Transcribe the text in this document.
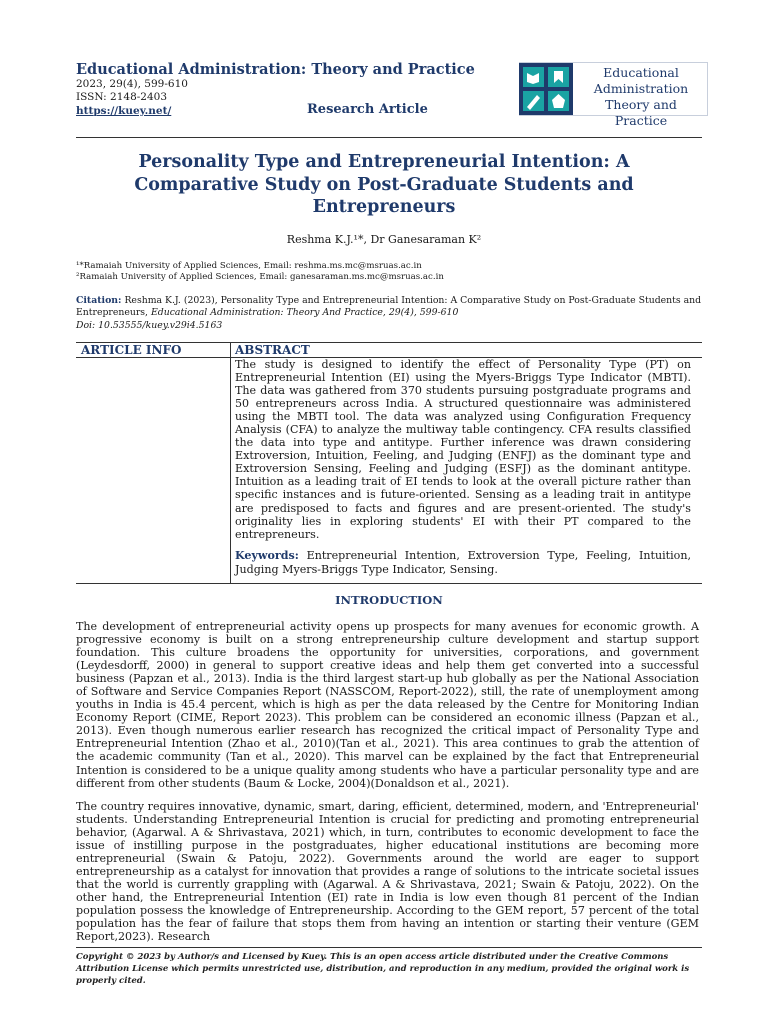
Educational Administration: Theory and Practice
2023, 29(4), 599-610
ISSN: 2148-2403
https://kuey.net/	Research Article
Educational
Administration
Theory and Practice
Personality Type and Entrepreneurial Intention: A Comparative Study on Post-Graduate Students and Entrepreneurs
Reshma K.J.¹*, Dr Ganesaraman K²
¹*Ramaiah University of Applied Sciences, Email: reshma.ms.mc@msruas.ac.in
²Ramaiah University of Applied Sciences, Email: ganesaraman.ms.mc@msruas.ac.in
Citation: Reshma K.J. (2023), Personality Type and Entrepreneurial Intention: A Comparative Study on Post-Graduate Students and Entrepreneurs, Educational Administration: Theory And Practice, 29(4), 599-610
Doi: 10.53555/kuey.v29i4.5163
ARTICLE INFO	ABSTRACT
The study is designed to identify the effect of Personality Type (PT) on Entrepreneurial Intention (EI) using the Myers-Briggs Type Indicator (MBTI). The data was gathered from 370 students pursuing postgraduate programs and 50 entrepreneurs across India. A structured questionnaire was administered using the MBTI tool. The data was analyzed using Configuration Frequency Analysis (CFA) to analyze the multiway table contingency. CFA results classified the data into type and antitype. Further inference was drawn considering Extroversion, Intuition, Feeling, and Judging (ENFJ) as the dominant type and Extroversion Sensing, Feeling and Judging (ESFJ) as the dominant antitype. Intuition as a leading trait of EI tends to look at the overall picture rather than specific instances and is future-oriented. Sensing as a leading trait in antitype are predisposed to facts and figures and are present-oriented. The study's originality lies in exploring students' EI with their PT compared to the entrepreneurs.
Keywords: Entrepreneurial Intention, Extroversion Type, Feeling, Intuition, Judging Myers-Briggs Type Indicator, Sensing.
INTRODUCTION

The development of entrepreneurial activity opens up prospects for many avenues for economic growth. A progressive economy is built on a strong entrepreneurship culture development and startup support foundation. This culture broadens the opportunity for universities, corporations, and government (Leydesdorff, 2000) in general to support creative ideas and help them get converted into a successful business (Papzan et al., 2013). India is the third largest start-up hub globally as per the National Association of Software and Service Companies Report (NASSCOM, Report-2022), still, the rate of unemployment among youths in India is 45.4 percent, which is high as per the data released by the Centre for Monitoring Indian Economy Report (CIME, Report 2023). This problem can be considered an economic illness (Papzan et al., 2013). Even though numerous earlier research has recognized the critical impact of Personality Type and Entrepreneurial Intention (Zhao et al., 2010)(Tan et al., 2021). This area continues to grab the attention of the academic community (Tan et al., 2020). This marvel can be explained by the fact that Entrepreneurial Intention is considered to be a unique quality among students who have a particular personality type and are different from other students (Baum & Locke, 2004)(Donaldson et al., 2021).

The country requires innovative, dynamic, smart, daring, efficient, determined, modern, and 'Entrepreneurial' students. Understanding Entrepreneurial Intention is crucial for predicting and promoting entrepreneurial behavior, (Agarwal. A & Shrivastava, 2021) which, in turn, contributes to economic development to face the issue of instilling purpose in the postgraduates, higher educational institutions are becoming more entrepreneurial (Swain & Patoju, 2022). Governments around the world are eager to support entrepreneurship as a catalyst for innovation that provides a range of solutions to the intricate societal issues that the world is currently grappling with (Agarwal. A & Shrivastava, 2021; Swain & Patoju, 2022). On the other hand, the Entrepreneurial Intention (EI) rate in India is low even though 81 percent of the Indian population possess the knowledge of Entrepreneurship. According to the GEM report, 57 percent of the total population has the fear of failure that stops them from having an intention or starting their venture (GEM Report,2023). Research

Copyright © 2023 by Author/s and Licensed by Kuey. This is an open access article distributed under the Creative Commons Attribution License which permits unrestricted use, distribution, and reproduction in any medium, provided the original work is properly cited.
